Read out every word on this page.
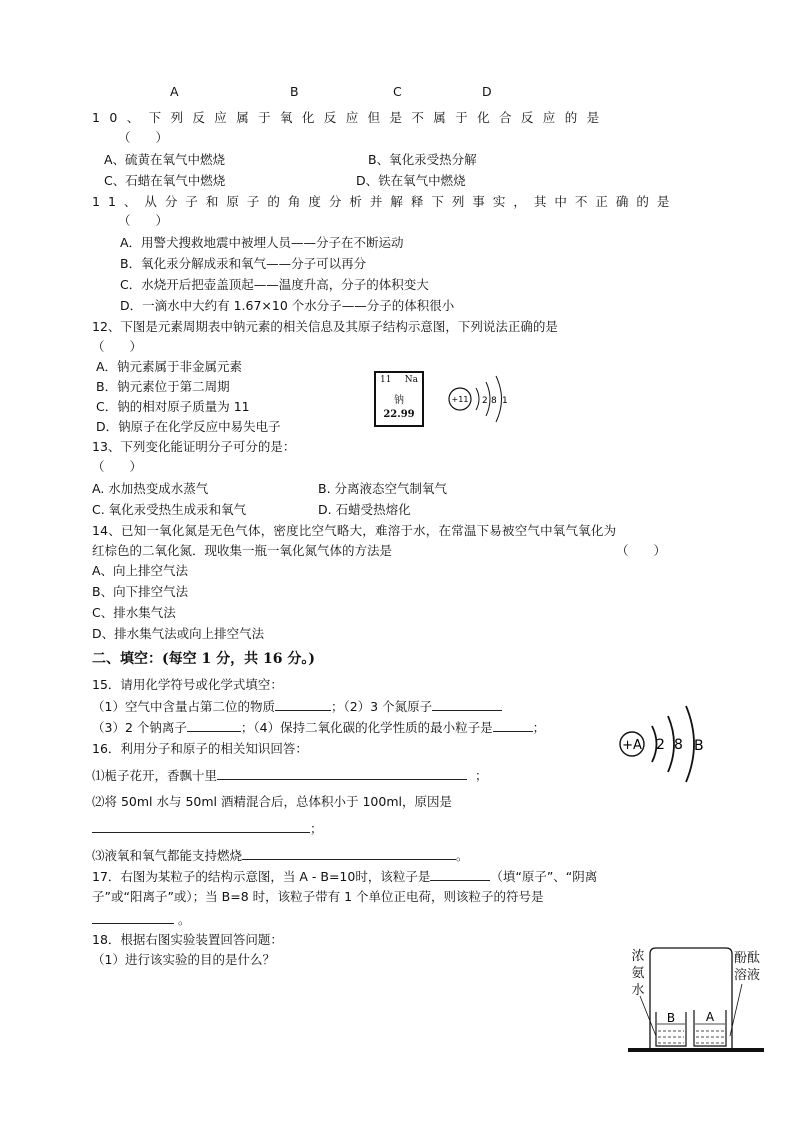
A	B	C	D
10、下列反应属于氧化反应但是不属于化合反应的是
（　　）
A、硫黄在氧气中燃烧	B、氧化汞受热分解
C、石蜡在氧气中燃烧	D、铁在氧气中燃烧
11、从分子和原子的角度分析并解释下列事实，其中不正确的是
（　　）
A．用警犬搜救地震中被埋人员——分子在不断运动
B．氧化汞分解成汞和氧气——分子可以再分
C．水烧开后把壶盖顶起——温度升高，分子的体积变大
D．一滴水中大约有 1.67×10 个水分子——分子的体积很小
12、下图是元素周期表中钠元素的相关信息及其原子结构示意图，下列说法正确的是
（　　）
A．钠元素属于非金属元素
B．钠元素位于第二周期
C．钠的相对原子质量为 11
D．钠原子在化学反应中易失电子
11 Na
钠
22.99
+11 2 8 1
13、下列变化能证明分子可分的是：
（　　）
A. 水加热变成水蒸气	B. 分离液态空气制氧气
C. 氧化汞受热生成汞和氧气	D. 石蜡受热熔化
14、已知一氧化氮是无色气体，密度比空气略大，难溶于水，在常温下易被空气中氧气氧化为
红棕色的二氧化氮．现收集一瓶一氧化氮气体的方法是	（　　）
A、向上排空气法
B、向下排空气法
C、排水集气法
D、排水集气法或向上排空气法
二、填空：(每空 1 分，共 16 分。)
15．请用化学符号或化学式填空：
（1）空气中含量占第二位的物质	；（2）3 个氮原子
（3）2 个钠离子	；（4）保持二氧化碳的化学性质的最小粒子是	；
16．利用分子和原子的相关知识回答：
⑴栀子花开，香飘十里	；
⑵将 50ml 水与 50ml 酒精混合后，总体积小于 100ml，原因是
；
⑶液氧和氧气都能支持燃烧	。
+A 2 8 B
17．右图为某粒子的结构示意图，当 A - B=10时，该粒子是	（填“原子”、“阴离
子”或“阳离子”或）；当 B=8 时，该粒子带有 1 个单位正电荷，则该粒子的符号是
。
18．根据右图实验装置回答问题：
（1）进行该实验的目的是什么？	浓
氨
水
酚酞
溶液
B	A
